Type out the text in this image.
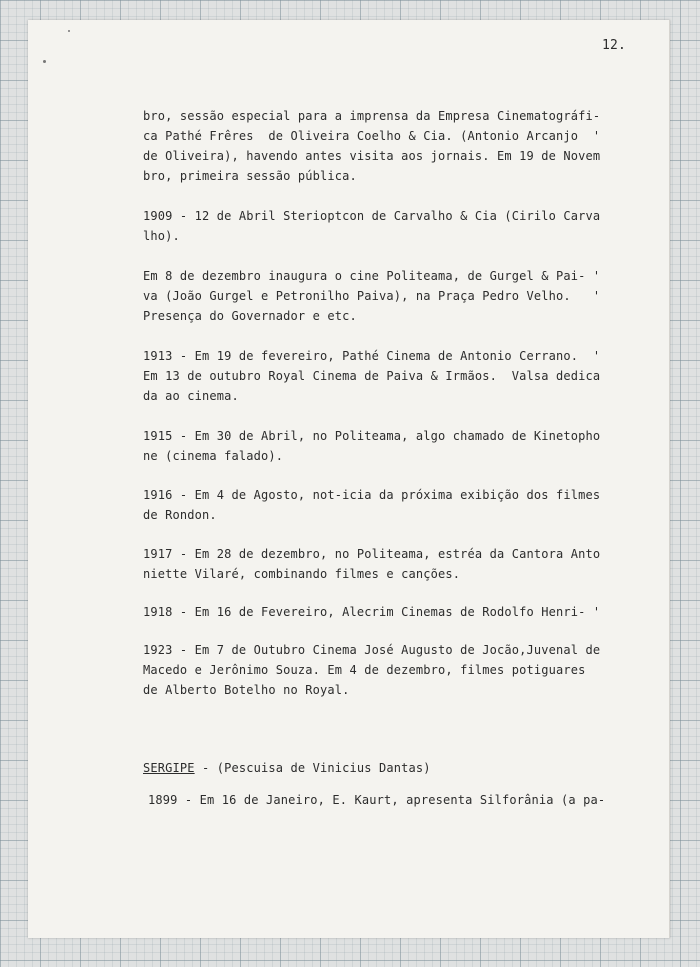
12.

bro, sessão especial para a imprensa da Empresa Cinematográfi-

ca Pathé Frêres  de Oliveira Coelho & Cia. (Antonio Arcanjo  '

de Oliveira), havendo antes visita aos jornais. Em 19 de Novem

bro, primeira sessão pública.

1909 - 12 de Abril Sterioptcon de Carvalho & Cia (Cirilo Carva

lho).

Em 8 de dezembro inaugura o cine Politeama, de Gurgel & Pai- '

va (João Gurgel e Petronilho Paiva), na Praça Pedro Velho.   '

Presença do Governador e etc.

1913 - Em 19 de fevereiro, Pathé Cinema de Antonio Cerrano.  '

Em 13 de outubro Royal Cinema de Paiva & Irmãos.  Valsa dedica

da ao cinema.

1915 - Em 30 de Abril, no Politeama, algo chamado de Kinetopho

ne (cinema falado).

1916 - Em 4 de Agosto, not-icia da próxima exibição dos filmes

de Rondon.

1917 - Em 28 de dezembro, no Politeama, estréa da Cantora Anto

niette Vilaré, combinando filmes e canções.

1918 - Em 16 de Fevereiro, Alecrim Cinemas de Rodolfo Henri- '

1923 - Em 7 de Outubro Cinema José Augusto de Jocão,Juvenal de

Macedo e Jerônimo Souza. Em 4 de dezembro, filmes potiguares

de Alberto Botelho no Royal.

SERGIPE - (Pescuisa de Vinicius Dantas)

1899 - Em 16 de Janeiro, E. Kaurt, apresenta Silforânia (a pa-
